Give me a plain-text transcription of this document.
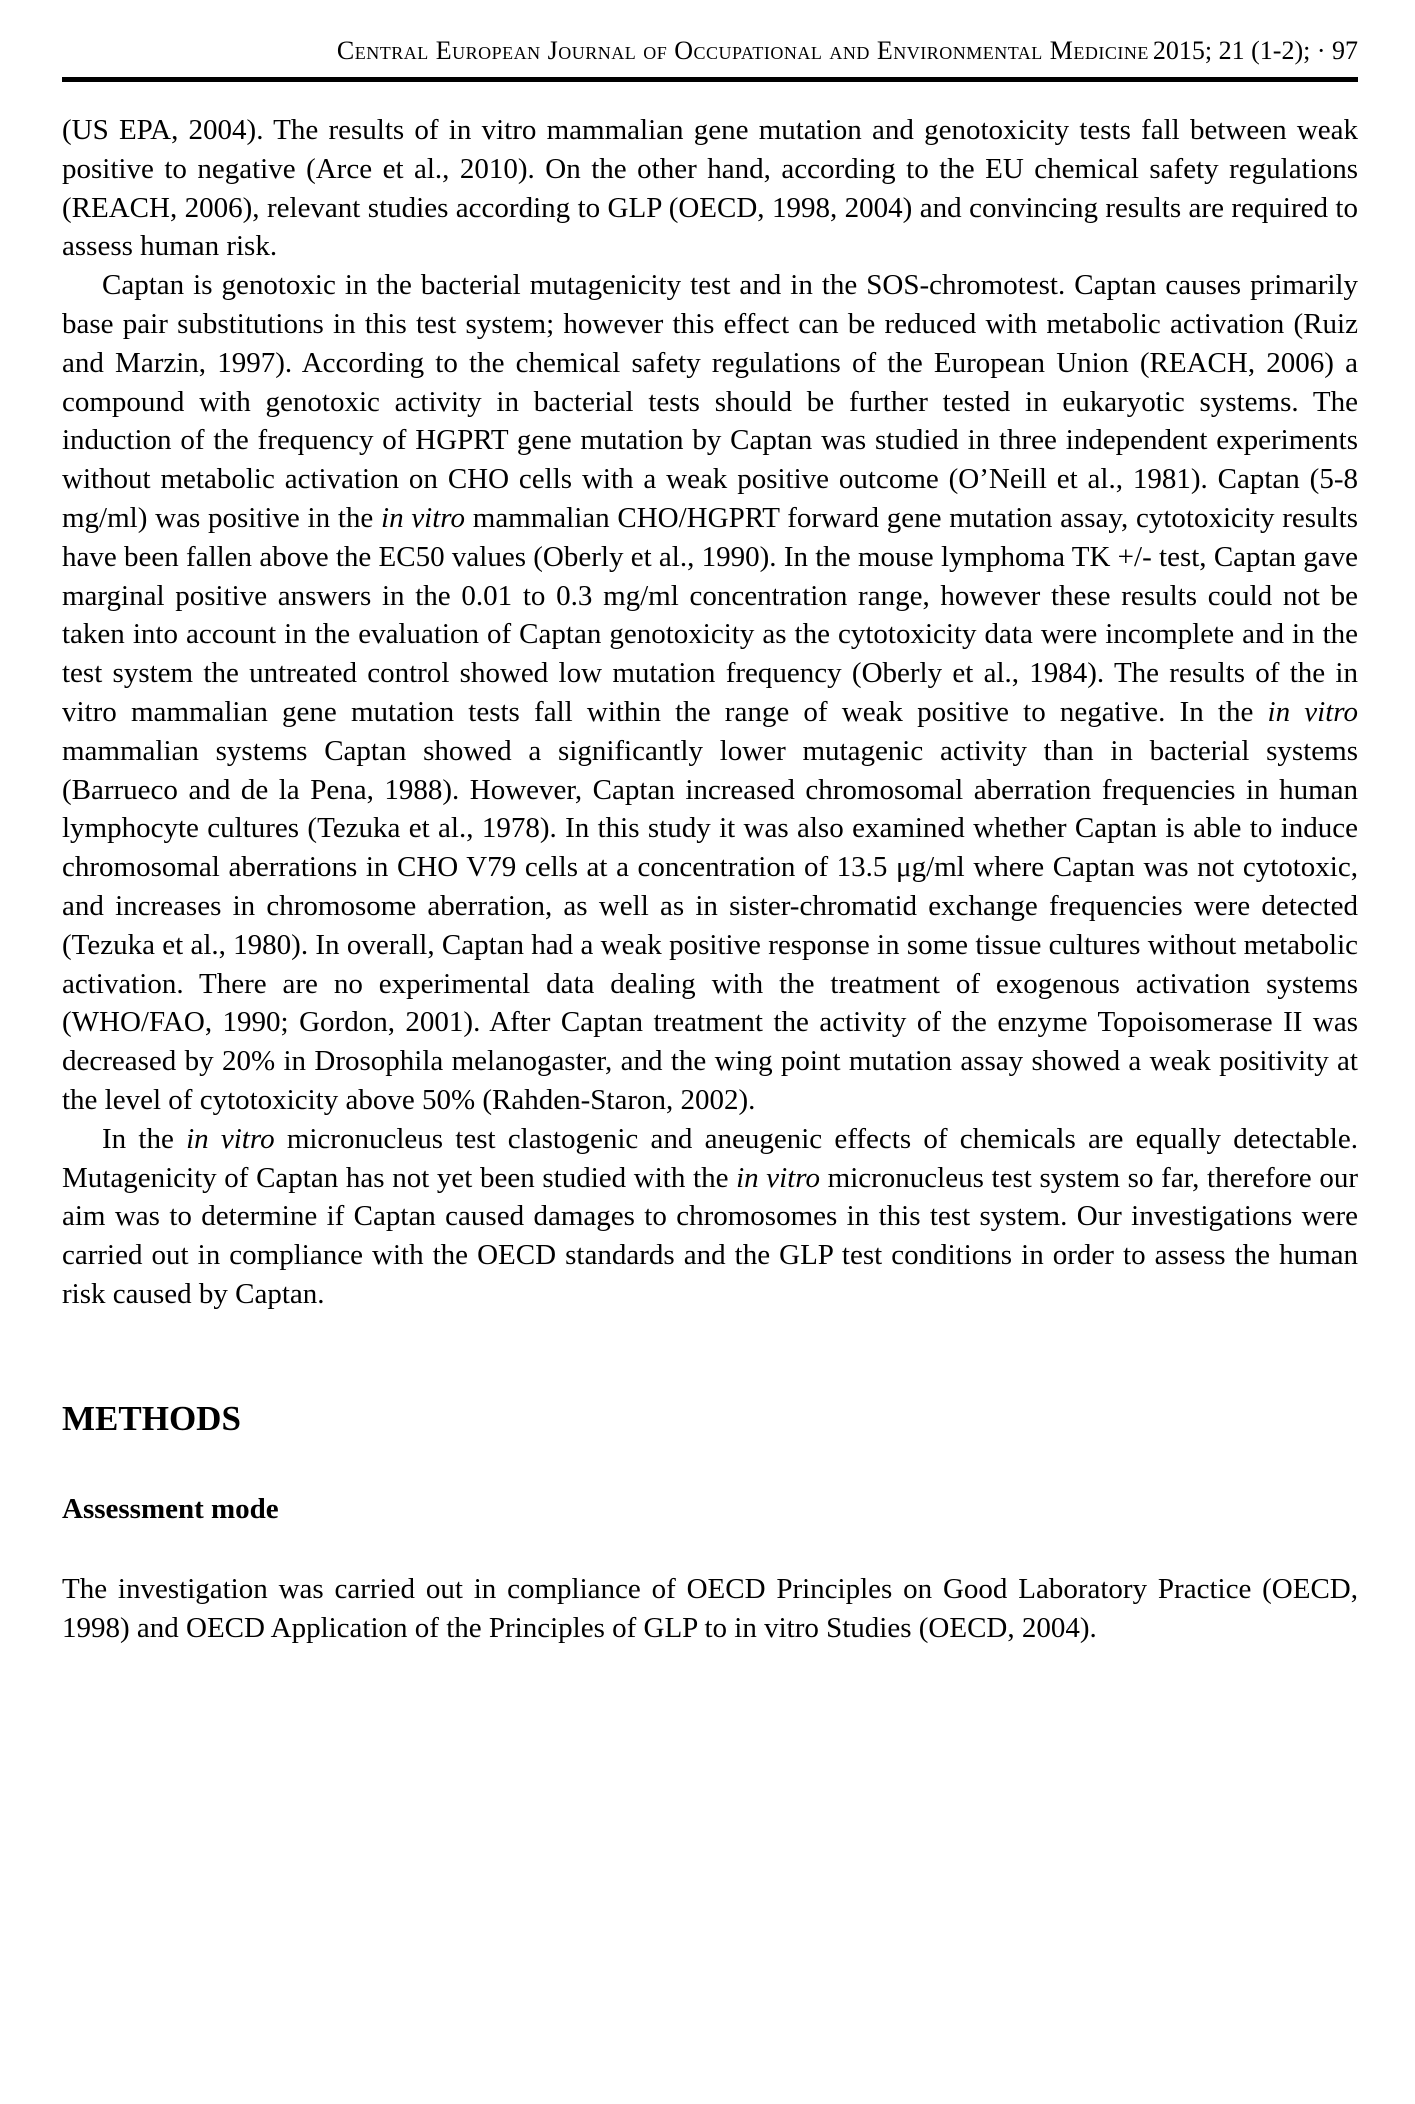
Central European Journal of Occupational and Environmental Medicine 2015; 21 (1-2); · 97

(US EPA, 2004). The results of in vitro mammalian gene mutation and genotoxicity tests fall between weak positive to negative (Arce et al., 2010). On the other hand, according to the EU chemical safety regulations (REACH, 2006), relevant studies according to GLP (OECD, 1998, 2004) and convincing results are required to assess human risk.

Captan is genotoxic in the bacterial mutagenicity test and in the SOS-chromotest. Captan causes primarily base pair substitutions in this test system; however this effect can be reduced with metabolic activation (Ruiz and Marzin, 1997). According to the chemical safety regulations of the European Union (REACH, 2006) a compound with genotoxic activity in bacterial tests should be further tested in eukaryotic systems. The induction of the frequency of HGPRT gene mutation by Captan was studied in three independent experiments without metabolic activation on CHO cells with a weak positive outcome (O’Neill et al., 1981). Captan (5-8 mg/ml) was positive in the in vitro mammalian CHO/HGPRT forward gene mutation assay, cytotoxicity results have been fallen above the EC50 values (Oberly et al., 1990). In the mouse lymphoma TK +/- test, Captan gave marginal positive answers in the 0.01 to 0.3 mg/ml concentration range, however these results could not be taken into account in the evaluation of Captan genotoxicity as the cytotoxicity data were incomplete and in the test system the untreated control showed low mutation frequency (Oberly et al., 1984). The results of the in vitro mammalian gene mutation tests fall within the range of weak positive to negative. In the in vitro mammalian systems Captan showed a significantly lower mutagenic activity than in bacterial systems (Barrueco and de la Pena, 1988). However, Captan increased chromosomal aberration frequencies in human lymphocyte cultures (Tezuka et al., 1978). In this study it was also examined whether Captan is able to induce chromosomal aberrations in CHO V79 cells at a concentration of 13.5 μg/ml where Captan was not cytotoxic, and increases in chromosome aberration, as well as in sister-chromatid exchange frequencies were detected (Tezuka et al., 1980). In overall, Captan had a weak positive response in some tissue cultures without metabolic activation. There are no experimental data dealing with the treatment of exogenous activation systems (WHO/FAO, 1990; Gordon, 2001). After Captan treatment the activity of the enzyme Topoisomerase II was decreased by 20% in Drosophila melanogaster, and the wing point mutation assay showed a weak positivity at the level of cytotoxicity above 50% (Rahden-Staron, 2002).

In the in vitro micronucleus test clastogenic and aneugenic effects of chemicals are equally detectable. Mutagenicity of Captan has not yet been studied with the in vitro micronucleus test system so far, therefore our aim was to determine if Captan caused damages to chromosomes in this test system. Our investigations were carried out in compliance with the OECD standards and the GLP test conditions in order to assess the human risk caused by Captan.

METHODS
Assessment mode

The investigation was carried out in compliance of OECD Principles on Good Laboratory Practice (OECD, 1998) and OECD Application of the Principles of GLP to in vitro Studies (OECD, 2004).
